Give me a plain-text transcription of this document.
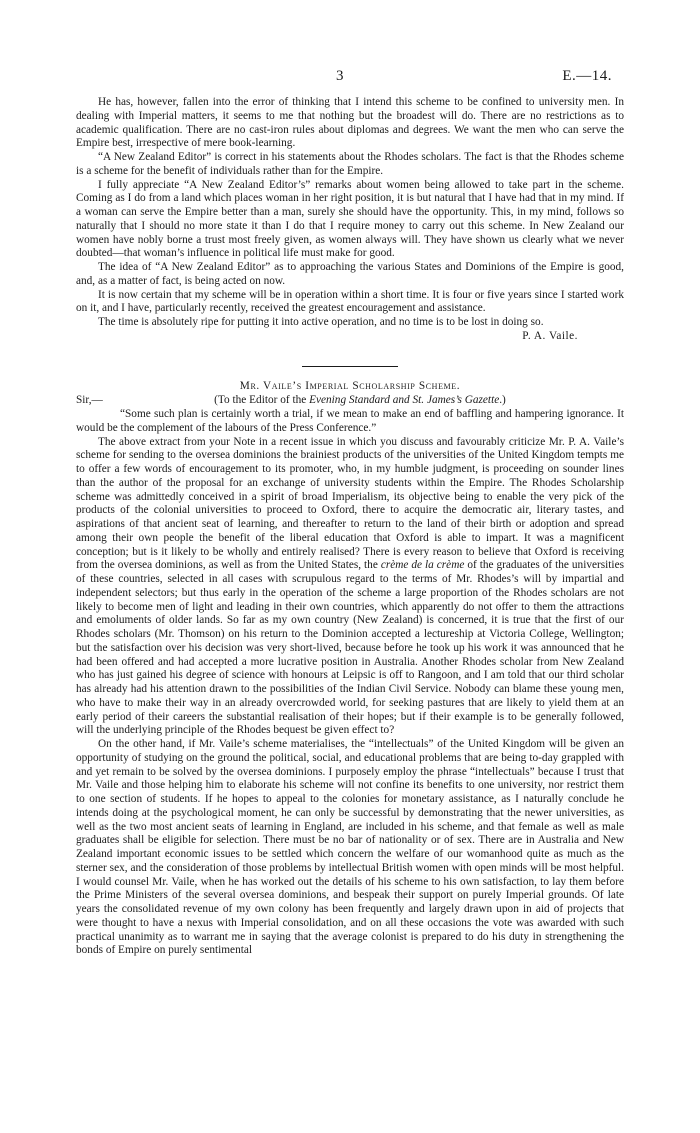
3	E.—14.

He has, however, fallen into the error of thinking that I intend this scheme to be confined to university men. In dealing with Imperial matters, it seems to me that nothing but the broadest will do. There are no restrictions as to academic qualification. There are no cast-iron rules about diplomas and degrees. We want the men who can serve the Empire best, irrespective of mere book-learning.

“A New Zealand Editor” is correct in his statements about the Rhodes scholars. The fact is that the Rhodes scheme is a scheme for the benefit of individuals rather than for the Empire.

I fully appreciate “A New Zealand Editor’s” remarks about women being allowed to take part in the scheme. Coming as I do from a land which places woman in her right position, it is but natural that I have had that in my mind. If a woman can serve the Empire better than a man, surely she should have the opportunity. This, in my mind, follows so naturally that I should no more state it than I do that I require money to carry out this scheme. In New Zealand our women have nobly borne a trust most freely given, as women always will. They have shown us clearly what we never doubted—that woman’s influence in political life must make for good.

The idea of “A New Zealand Editor” as to approaching the various States and Dominions of the Empire is good, and, as a matter of fact, is being acted on now.

It is now certain that my scheme will be in operation within a short time. It is four or five years since I started work on it, and I have, particularly recently, received the greatest encouragement and assistance.

The time is absolutely ripe for putting it into active operation, and no time is to be lost in doing so.

P. A. Vaile.
Mr. Vaile’s Imperial Scholarship Scheme.
Sir,—	(To the Editor of the Evening Standard and St. James’s Gazette.)

“Some such plan is certainly worth a trial, if we mean to make an end of baffling and hampering ignorance. It would be the complement of the labours of the Press Conference.”

The above extract from your Note in a recent issue in which you discuss and favourably criticize Mr. P. A. Vaile’s scheme for sending to the oversea dominions the brainiest products of the universities of the United Kingdom tempts me to offer a few words of encouragement to its promoter, who, in my humble judgment, is proceeding on sounder lines than the author of the proposal for an exchange of university students within the Empire. The Rhodes Scholarship scheme was admittedly conceived in a spirit of broad Imperialism, its objective being to enable the very pick of the products of the colonial universities to proceed to Oxford, there to acquire the democratic air, literary tastes, and aspirations of that ancient seat of learning, and thereafter to return to the land of their birth or adoption and spread among their own people the benefit of the liberal education that Oxford is able to impart. It was a magnificent conception; but is it likely to be wholly and entirely realised? There is every reason to believe that Oxford is receiving from the oversea dominions, as well as from the United States, the crème de la crème of the graduates of the universities of these countries, selected in all cases with scrupulous regard to the terms of Mr. Rhodes’s will by impartial and independent selectors; but thus early in the operation of the scheme a large proportion of the Rhodes scholars are not likely to become men of light and leading in their own countries, which apparently do not offer to them the attractions and emoluments of older lands. So far as my own country (New Zealand) is concerned, it is true that the first of our Rhodes scholars (Mr. Thomson) on his return to the Dominion accepted a lectureship at Victoria College, Wellington; but the satisfaction over his decision was very short-lived, because before he took up his work it was announced that he had been offered and had accepted a more lucrative position in Australia. Another Rhodes scholar from New Zealand who has just gained his degree of science with honours at Leipsic is off to Rangoon, and I am told that our third scholar has already had his attention drawn to the possibilities of the Indian Civil Service. Nobody can blame these young men, who have to make their way in an already overcrowded world, for seeking pastures that are likely to yield them at an early period of their careers the substantial realisation of their hopes; but if their example is to be generally followed, will the underlying principle of the Rhodes bequest be given effect to?

On the other hand, if Mr. Vaile’s scheme materialises, the “intellectuals” of the United Kingdom will be given an opportunity of studying on the ground the political, social, and educational problems that are being to-day grappled with and yet remain to be solved by the oversea dominions. I purposely employ the phrase “intellectuals” because I trust that Mr. Vaile and those helping him to elaborate his scheme will not confine its benefits to one university, nor restrict them to one section of students. If he hopes to appeal to the colonies for monetary assistance, as I naturally conclude he intends doing at the psychological moment, he can only be successful by demonstrating that the newer universities, as well as the two most ancient seats of learning in England, are included in his scheme, and that female as well as male graduates shall be eligible for selection. There must be no bar of nationality or of sex. There are in Australia and New Zealand important economic issues to be settled which concern the welfare of our womanhood quite as much as the sterner sex, and the consideration of those problems by intellectual British women with open minds will be most helpful. I would counsel Mr. Vaile, when he has worked out the details of his scheme to his own satisfaction, to lay them before the Prime Ministers of the several oversea dominions, and bespeak their support on purely Imperial grounds. Of late years the consolidated revenue of my own colony has been frequently and largely drawn upon in aid of projects that were thought to have a nexus with Imperial consolidation, and on all these occasions the vote was awarded with such practical unanimity as to warrant me in saying that the average colonist is prepared to do his duty in strengthening the bonds of Empire on purely sentimental
